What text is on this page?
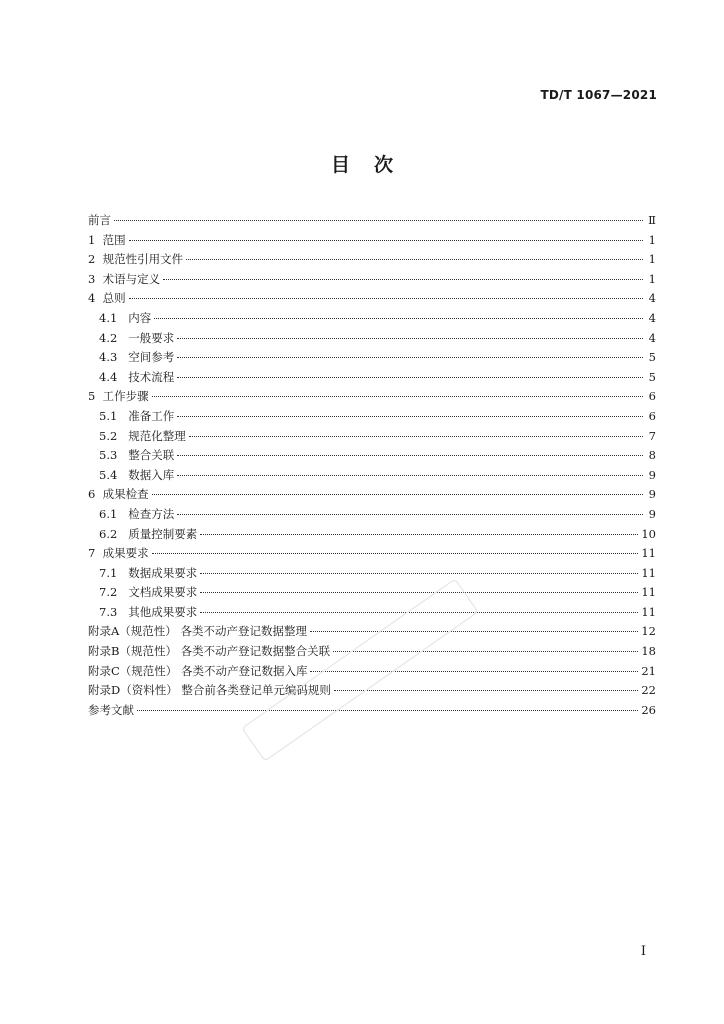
TD/T 1067—2021
目次
前言	Ⅱ
1  范围	1
2  规范性引用文件	1
3  术语与定义	1
4  总则	4
4.1   内容	4
4.2   一般要求	4
4.3   空间参考	5
4.4   技术流程	5
5  工作步骤	6
5.1   准备工作	6
5.2   规范化整理	7
5.3   整合关联	8
5.4   数据入库	9
6  成果检查	9
6.1   检查方法	9
6.2   质量控制要素	10
7  成果要求	11
7.1   数据成果要求	11
7.2   文档成果要求	11
7.3   其他成果要求	11
附录A（规范性） 各类不动产登记数据整理	12
附录B（规范性） 各类不动产登记数据整合关联	18
附录C（规范性） 各类不动产登记数据入库	21
附录D（资料性） 整合前各类登记单元编码规则	22
参考文献	26
I
